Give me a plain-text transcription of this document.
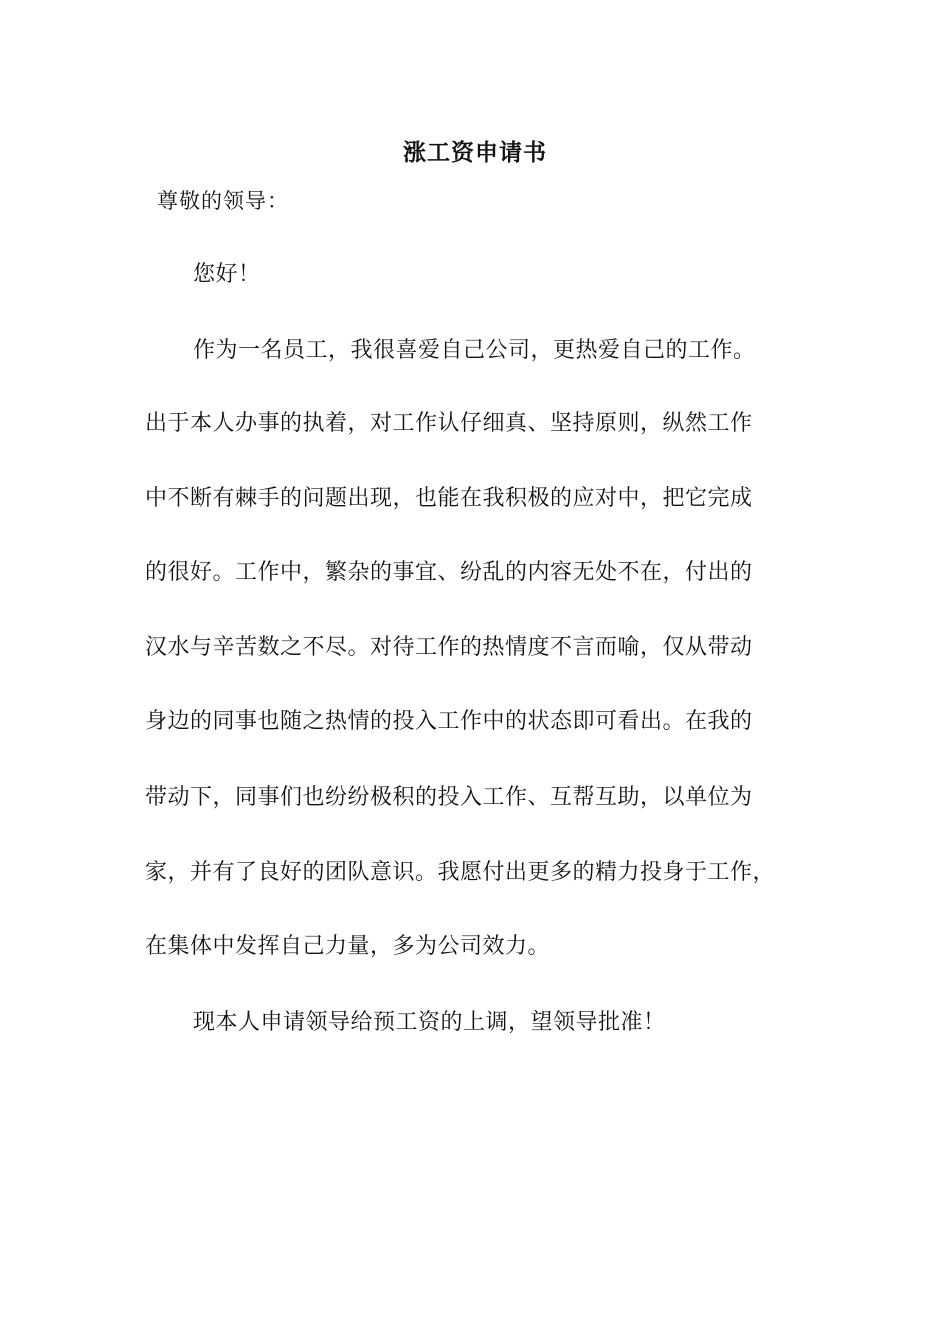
涨工资申请书
尊敬的领导：
您好！
作为一名员工，我很喜爱自己公司，更热爱自己的工作。
出于本人办事的执着，对工作认仔细真、坚持原则，纵然工作
中不断有棘手的问题出现，也能在我积极的应对中，把它完成
的很好。工作中，繁杂的事宜、纷乱的内容无处不在，付出的
汉水与辛苦数之不尽。对待工作的热情度不言而喻，仅从带动
身边的同事也随之热情的投入工作中的状态即可看出。在我的
带动下，同事们也纷纷极积的投入工作、互帮互助，以单位为
家，并有了良好的团队意识。我愿付出更多的精力投身于工作，
在集体中发挥自己力量，多为公司效力。
现本人申请领导给预工资的上调，望领导批准！
